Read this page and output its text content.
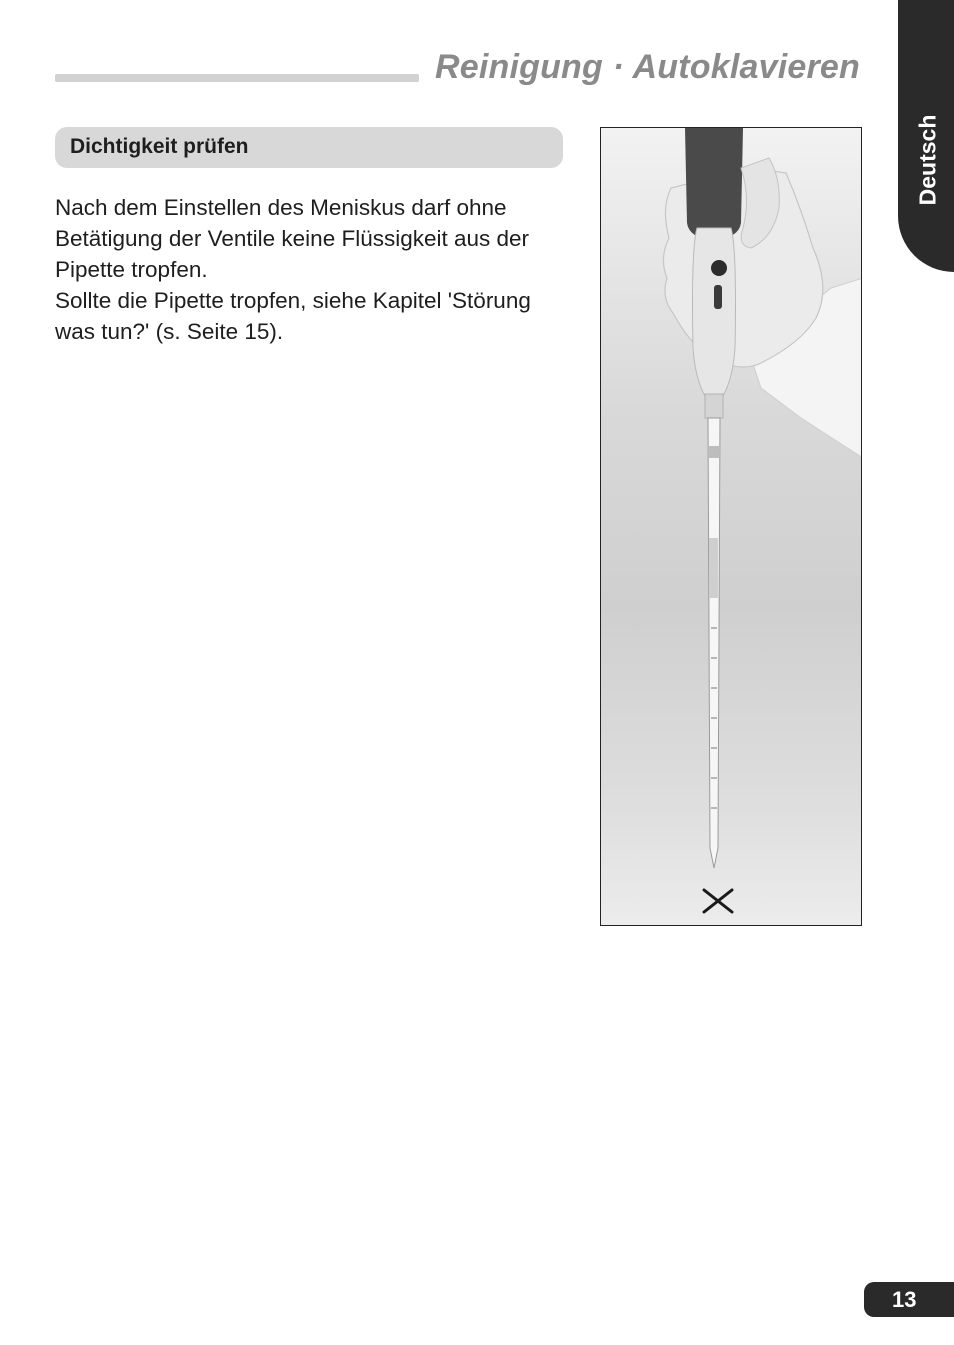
Reinigung · Autoklavieren
Deutsch
Dichtigkeit prüfen

Nach dem Einstellen des Meniskus darf ohne Betätigung der Ventile keine Flüssigkeit aus der Pipette tropfen.

Sollte die Pipette tropfen, siehe Kapitel 'Störung was tun?' (s. Seite 15).

13
